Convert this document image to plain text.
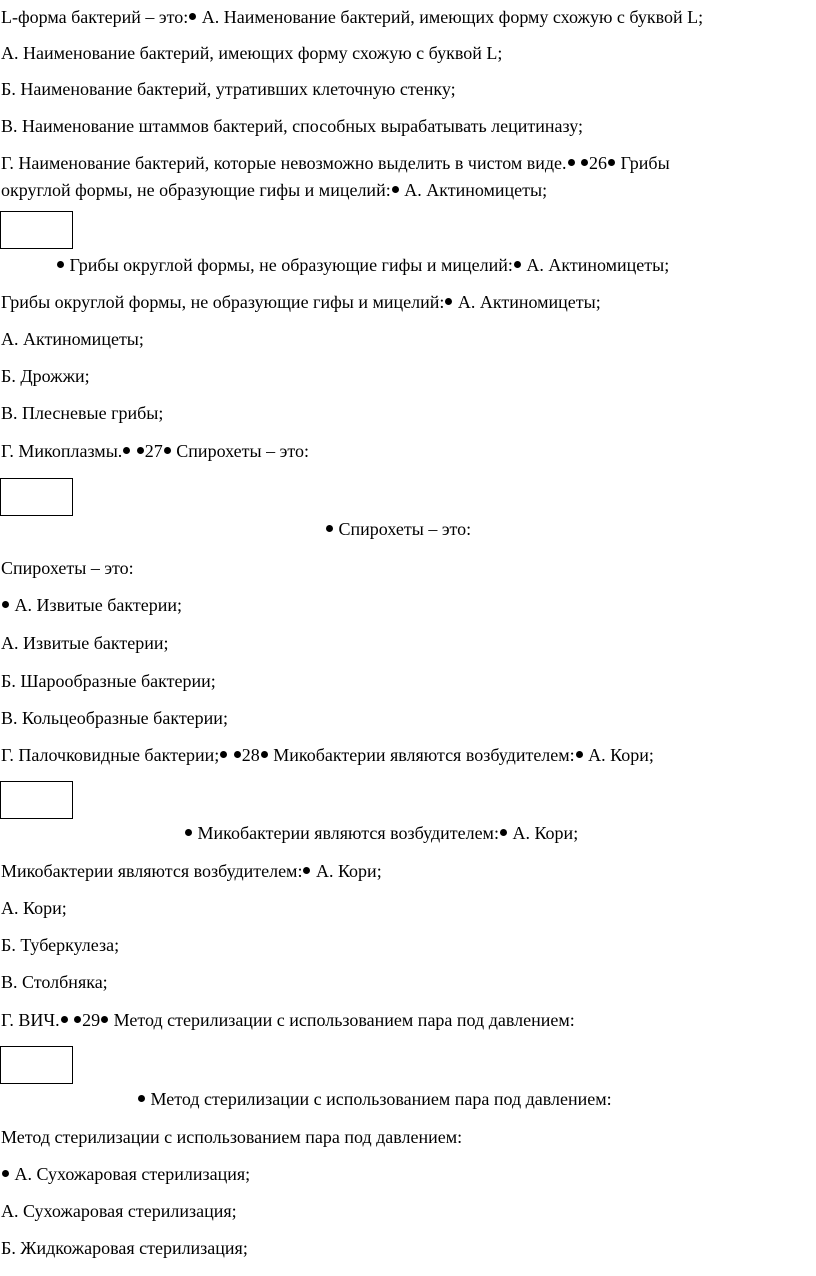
L-форма бактерий – это: А. Наименование бактерий, имеющих форму схожую с буквой L;
А. Наименование бактерий, имеющих форму схожую с буквой L;
Б. Наименование бактерий, утративших клеточную стенку;
В. Наименование штаммов бактерий, способных вырабатывать лецитиназу;
Г. Наименование бактерий, которые невозможно выделить в чистом виде. 26 Грибы
округлой формы, не образующие гифы и мицелий: А. Актиномицеты;
Грибы округлой формы, не образующие гифы и мицелий: А. Актиномицеты;
Грибы округлой формы, не образующие гифы и мицелий: А. Актиномицеты;
А. Актиномицеты;
Б. Дрожжи;
В. Плесневые грибы;
Г. Микоплазмы. 27 Спирохеты – это:
Спирохеты – это:
Спирохеты – это:
А. Извитые бактерии;
А. Извитые бактерии;
Б. Шарообразные бактерии;
В. Кольцеобразные бактерии;
Г. Палочковидные бактерии; 28 Микобактерии являются возбудителем: А. Кори;
Микобактерии являются возбудителем: А. Кори;
Микобактерии являются возбудителем: А. Кори;
А. Кори;
Б. Туберкулеза;
В. Столбняка;
Г. ВИЧ. 29 Метод стерилизации с использованием пара под давлением:
Метод стерилизации с использованием пара под давлением:
Метод стерилизации с использованием пара под давлением:
А. Сухожаровая стерилизация;
А. Сухожаровая стерилизация;
Б. Жидкожаровая стерилизация;
